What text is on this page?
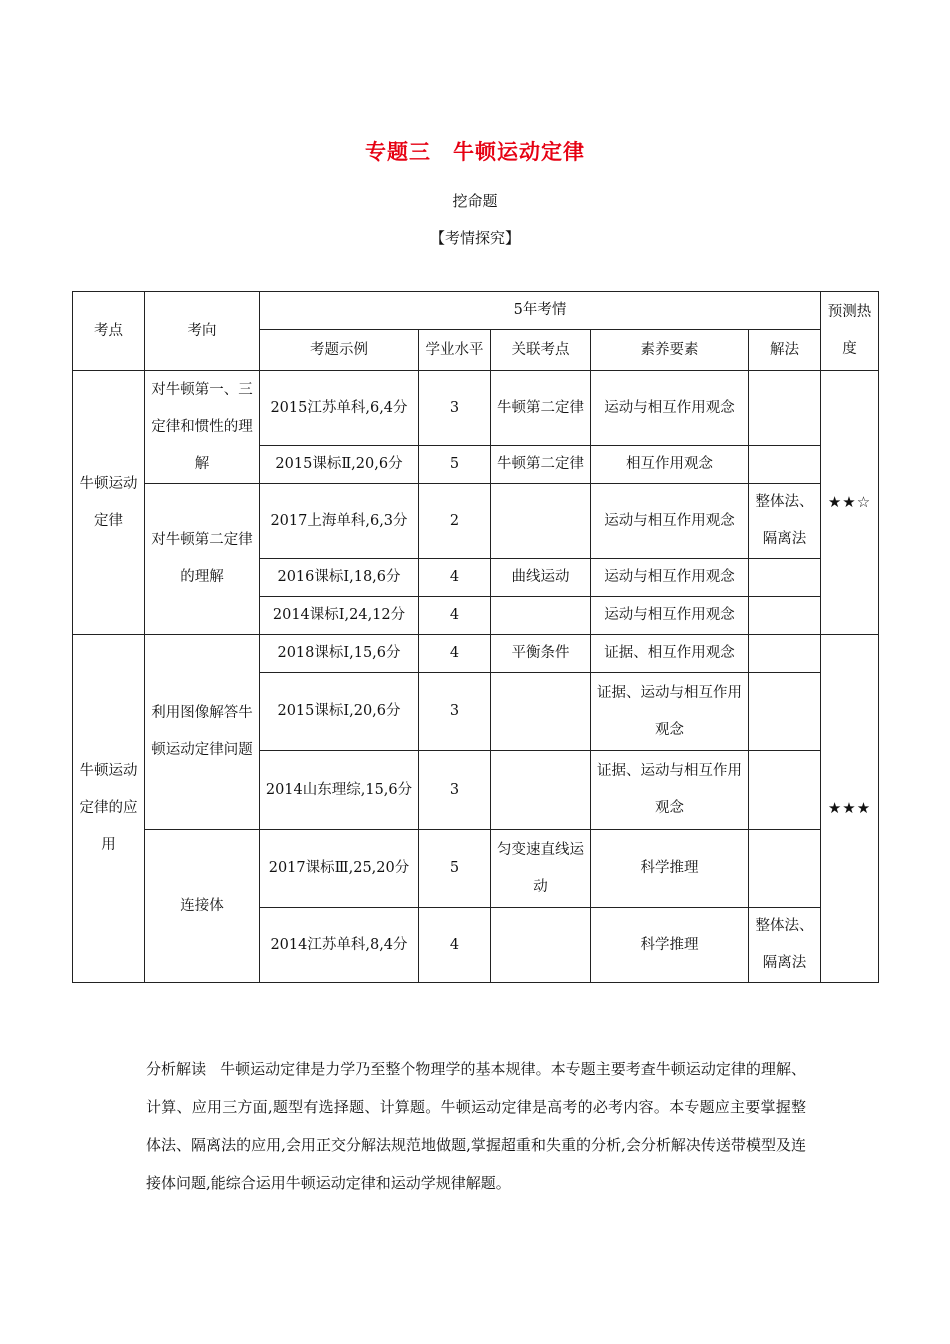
专题三 牛顿运动定律
挖命题
【考情探究】
考点	考向	5年考情					预测热度
		考题示例	学业水平	关联考点	素养要素	解法	
牛顿运动定律	对牛顿第一、三定律和惯性的理解	2015江苏单科,6,4分	3	牛顿第二定律	运动与相互作用观念		★★☆
		2015课标Ⅱ,20,6分	5	牛顿第二定律	相互作用观念		
	对牛顿第二定律的理解	2017上海单科,6,3分	2		运动与相互作用观念	整体法、隔离法	
		2016课标Ⅰ,18,6分	4	曲线运动	运动与相互作用观念		
		2014课标Ⅰ,24,12分	4		运动与相互作用观念		
牛顿运动定律的应用	利用图像解答牛顿运动定律问题	2018课标Ⅰ,15,6分	4	平衡条件	证据、相互作用观念		★★★
		2015课标Ⅰ,20,6分	3		证据、运动与相互作用观念		
		2014山东理综,15,6分	3		证据、运动与相互作用观念		
	连接体	2017课标Ⅲ,25,20分	5	匀变速直线运动	科学推理		
		2014江苏单科,8,4分	4		科学推理	整体法、隔离法	
分析解读 牛顿运动定律是力学乃至整个物理学的基本规律。本专题主要考查牛顿运动定律的理解、计算、应用三方面,题型有选择题、计算题。牛顿运动定律是高考的必考内容。本专题应主要掌握整体法、隔离法的应用,会用正交分解法规范地做题,掌握超重和失重的分析,会分析解决传送带模型及连接体问题,能综合运用牛顿运动定律和运动学规律解题。
